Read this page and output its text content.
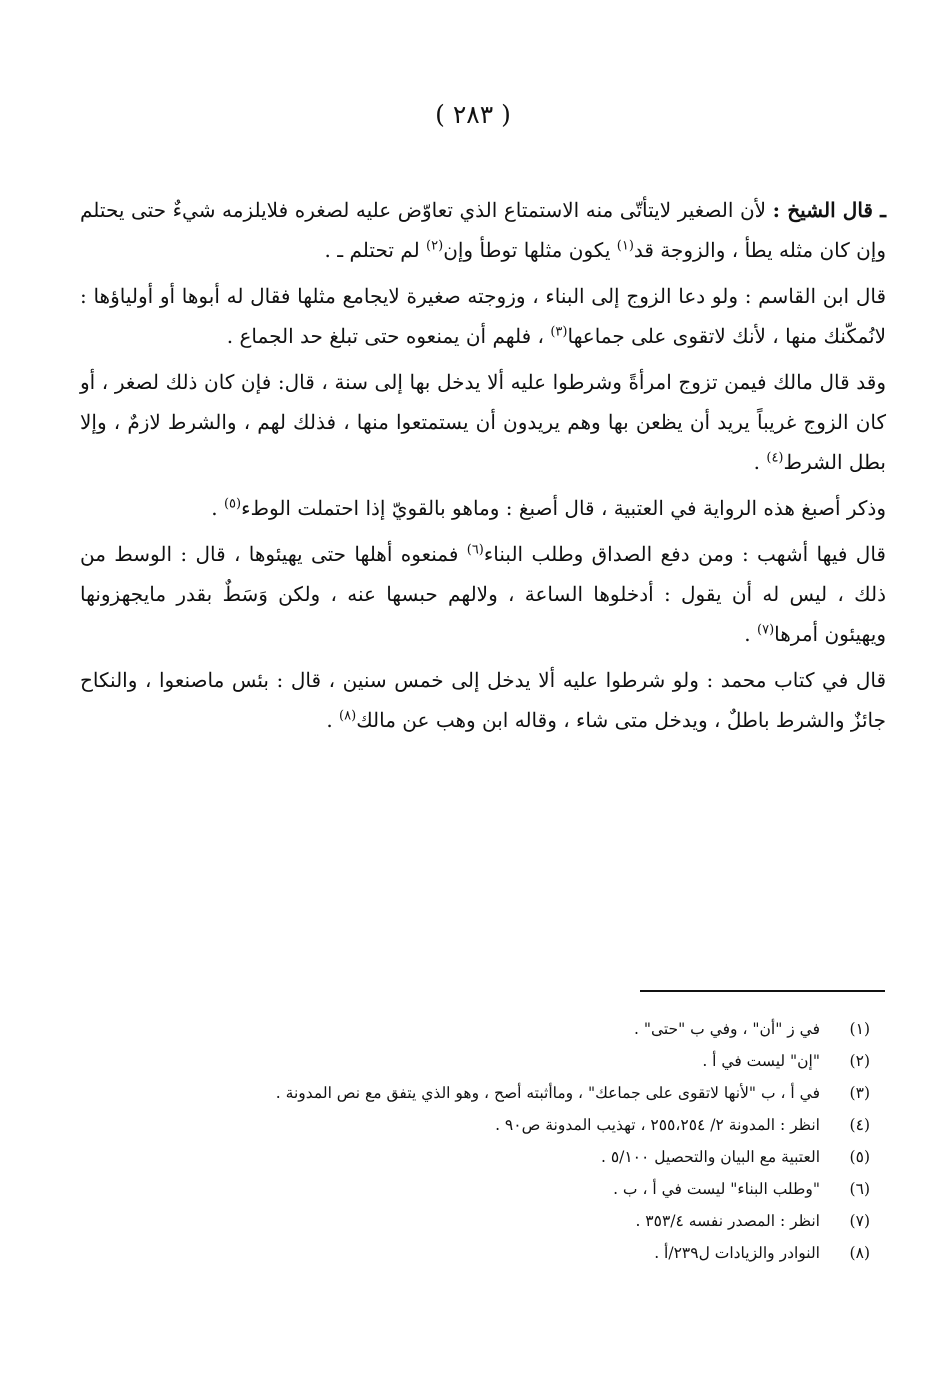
( ٢٨٣ )

ـ قال الشيخ : لأن الصغير لايتأتّى منه الاستمتاع الذي تعاوّض عليه لصغره فلايلزمه شيءٌ حتى يحتلم وإن كان مثله يطأ ، والزوجة قد$^{(١)}$ يكون مثلها توطأ وإن$^{(٢)}$ لم تحتلم ـ .

قال ابن القاسم : ولو دعا الزوج إلى البناء ، وزوجته صغيرة لايجامع مثلها فقال له أبوها أو أولياؤها : لانُمكّنك منها ، لأنك لاتقوى على جماعها$^{(٣)}$ ، فلهم أن يمنعوه حتى تبلغ حد الجماع .

وقد قال مالك فيمن تزوج امرأةً وشرطوا عليه ألا يدخل بها إلى سنة ، قال: فإن كان ذلك لصغر ، أو كان الزوج غريباً يريد أن يظعن بها وهم يريدون أن يستمتعوا منها ، فذلك لهم ، والشرط لازمٌ ، وإلا بطل الشرط$^{(٤)}$ .

وذكر أصبغ هذه الرواية في العتبية ، قال أصبغ : وماهو بالقويّ إذا احتملت الوطء$^{(٥)}$ .

قال فيها أشهب : ومن دفع الصداق وطلب البناء$^{(٦)}$ فمنعوه أهلها حتى يهيئوها ، قال : الوسط من ذلك ، ليس له أن يقول : أدخلوها الساعة ، ولالهم حبسها عنه ، ولكن وَسَطٌ بقدر مايجهزونها ويهيئون أمرها$^{(٧)}$ .

قال في كتاب محمد : ولو شرطوا عليه ألا يدخل إلى خمس سنين ، قال : بئس ماصنعوا ، والنكاح جائزٌ والشرط باطلٌ ، ويدخل متى شاء ، وقاله ابن وهب عن مالك$^{(٨)}$ .

(١)
في ز "أن" ، وفي ب "حتى" .
(٢)
"إن" ليست في أ .
(٣)
في أ ، ب "لأنها لاتقوى على جماعك" ، وماأثبته أصح ، وهو الذي يتفق مع نص المدونة .
(٤)
انظر : المدونة ٢/ ٢٥٥،٢٥٤ ، تهذيب المدونة ص٩٠ .
(٥)
العتبية مع البيان والتحصيل ٥/١٠٠ .
(٦)
"وطلب البناء" ليست في أ ، ب .
(٧)
انظر : المصدر نفسه ٣٥٣/٤ .
(٨)
النوادر والزيادات ل٢٣٩/أ .
